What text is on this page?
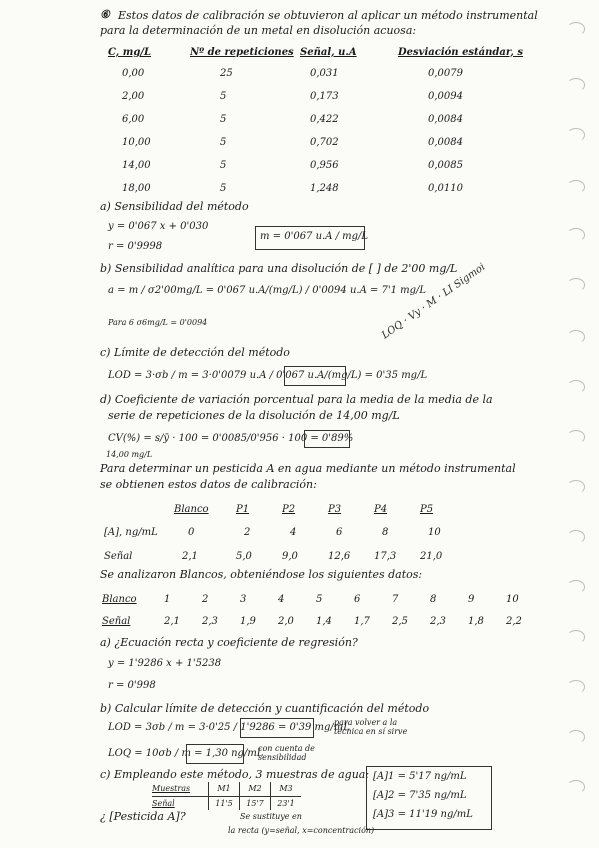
⑥ Estos datos de calibración se obtuvieron al aplicar un método instrumental
para la determinación de un metal en disolución acuosa:
C, mg/L	Nº de repeticiones	Señal, u.A	Desviación estándar, s
0,00	25	0,031	0,0079
2,00	5	0,173	0,0094
6,00	5	0,422	0,0084
10,00	5	0,702	0,0084
14,00	5	0,956	0,0085
18,00	5	1,248	0,0110
a) Sensibilidad del método
y = 0'067 x + 0'030
r = 0'9998
m = 0'067 u.A / mg/L
b) Sensibilidad analítica para una disolución de [ ] de 2'00 mg/L
a = m / σ2'00mg/L = 0'067 u.A/(mg/L) / 0'0094 u.A = 7'1 mg/L
Para 6 σ6mg/L = 0'0094	LOQ · Vy · M · LI Sigmoi
c) Límite de detección del método
LOD = 3·σb / m = 3·0'0079 u.A / 0'067 u.A/(mg/L) = 0'35 mg/L
d) Coeficiente de variación porcentual para la media de la media de la
serie de repeticiones de la disolución de 14,00 mg/L
CV(%) = s/ȳ · 100 = 0'0085/0'956 · 100 = 0'89%
14,00 mg/L
Para determinar un pesticida A en agua mediante un método instrumental
se obtienen estos datos de calibración:
	Blanco	P1	P2	P3	P4	P5
[A], ng/mL	0	2	4	6	8	10
Señal	2,1	5,0	9,0	12,6	17,3	21,0
Se analizaron Blancos, obteniéndose los siguientes datos:
Blanco	1	2	3	4	5	6	7	8	9	10
Señal	2,1	2,3	1,9	2,0	1,4	1,7	2,5	2,3	1,8	2,2
a) ¿Ecuación recta y coeficiente de regresión?
y = 1'9286 x + 1'5238
r = 0'998
b) Calcular límite de detección y cuantificación del método
LOD = 3σb / m = 3·0'25 / 1'9286 = 0'39 mg/mL
para volver a la técnica en sí sirve
LOQ = 10σb / m = 1,30 ng/mL
con cuenta de sensibilidad
c) Empleando este método, 3 muestras de agua:
Muestras	M1	M2	M3
Señal	11'5	15'7	23'1
[A]1 = 5'17 ng/mL
[A]2 = 7'35 ng/mL
[A]3 = 11'19 ng/mL
¿ [Pesticida A]?	Se sustituye en
la recta (y=señal, x=concentración)
